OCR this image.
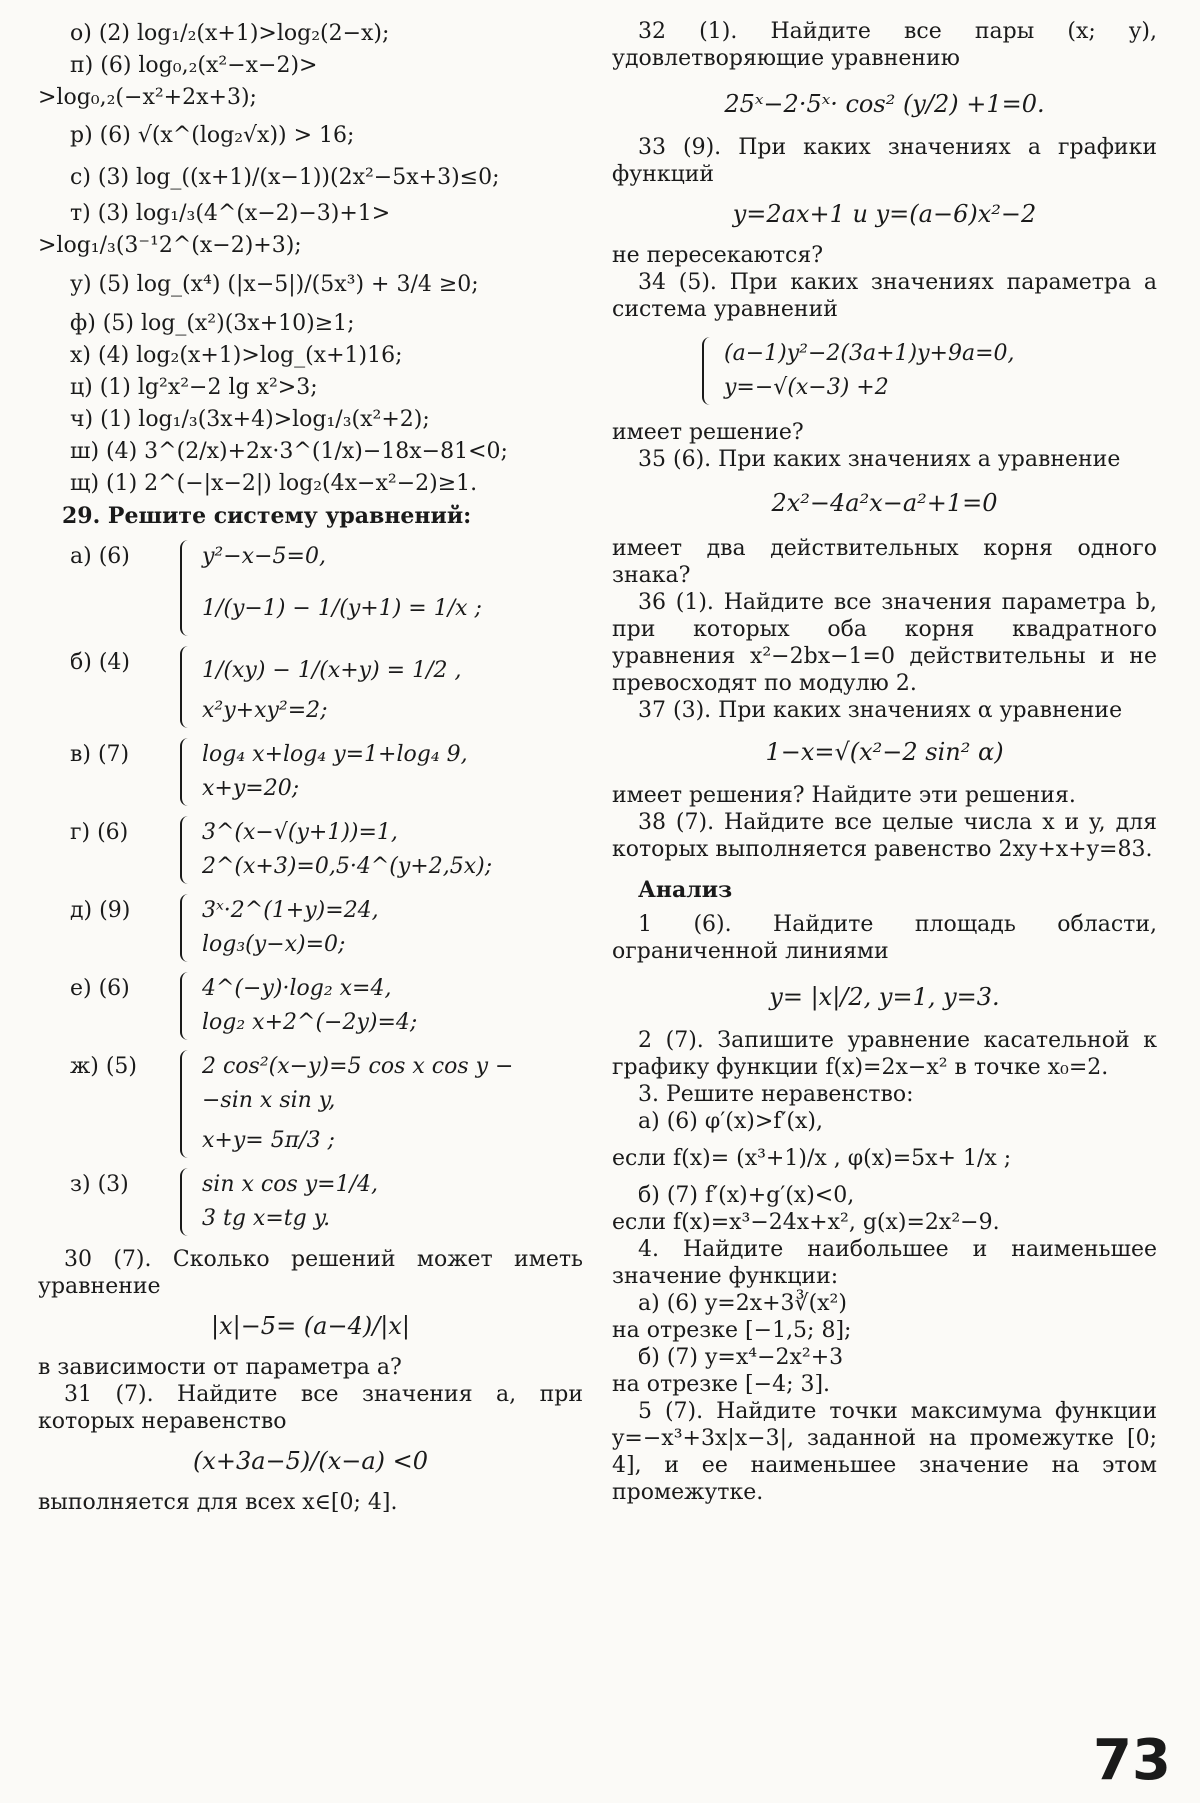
о) (2) log₁/₂(x+1)>log₂(2−x);
п) (6) log₀,₂(x²−x−2)>
>log₀,₂(−x²+2x+3);
р) (6) √(x^(log₂√x)) > 16;
с) (3) log_((x+1)/(x−1))(2x²−5x+3)≤0;
т) (3) log₁/₃(4^(x−2)−3)+1>
>log₁/₃(3⁻¹2^(x−2)+3);
у) (5) log_(x⁴) (|x−5|)/(5x³) + 3/4 ≥0;
ф) (5) log_(x²)(3x+10)≥1;
х) (4) log₂(x+1)>log_(x+1)16;
ц) (1) lg²x²−2 lg x²>3;
ч) (1) log₁/₃(3x+4)>log₁/₃(x²+2);
ш) (4) 3^(2/x)+2x·3^(1/x)−18x−81<0;
щ) (1) 2^(−|x−2|) log₂(4x−x²−2)≥1.
29. Решите систему уравнений:
а) (6)	y²−x−5=0,
1/(y−1) − 1/(y+1) = 1/x ;
б) (4)	1/(xy) − 1/(x+y) = 1/2 ,
x²y+xy²=2;
в) (7)	log₄ x+log₄ y=1+log₄ 9,
x+y=20;
г) (6)	3^(x−√(y+1))=1,
2^(x+3)=0,5·4^(y+2,5x);
д) (9)	3ˣ·2^(1+y)=24,
log₃(y−x)=0;
е) (6)	4^(−y)·log₂ x=4,
log₂ x+2^(−2y)=4;
ж) (5)	2 cos²(x−y)=5 cos x cos y −
−sin x sin y,
x+y= 5π/3 ;
з) (3)	sin x cos y=1/4,
3 tg x=tg y.

30 (7). Сколько решений может иметь уравнение

|x|−5= (a−4)/|x|

в зависимости от параметра a?

31 (7). Найдите все значения a, при которых неравенство

(x+3a−5)/(x−a) <0

выполняется для всех x∈[0; 4].

32 (1). Найдите все пары (x; y), удовлетворяющие уравнению

25ˣ−2·5ˣ· cos² (y/2) +1=0.

33 (9). При каких значениях a графики функций

y=2ax+1 и y=(a−6)x²−2

не пересекаются?

34 (5). При каких значениях параметра a система уравнений

(a−1)y²−2(3a+1)y+9a=0,
y=−√(x−3) +2

имеет решение?

35 (6). При каких значениях a уравнение

2x²−4a²x−a²+1=0

имеет два действительных корня одного знака?

36 (1). Найдите все значения параметра b, при которых оба корня квадратного уравнения x²−2bx−1=0 действительны и не превосходят по модулю 2.

37 (3). При каких значениях α уравнение

1−x=√(x²−2 sin² α)

имеет решения? Найдите эти решения.

38 (7). Найдите все целые числа x и y, для которых выполняется равенство 2xy+x+y=83.

Анализ

1 (6). Найдите площадь области, ограниченной линиями

y= |x|/2, y=1, y=3.

2 (7). Запишите уравнение касательной к графику функции f(x)=2x−x² в точке x₀=2.

3. Решите неравенство:

а) (6) φ′(x)>f′(x),

если f(x)= (x³+1)/x , φ(x)=5x+ 1/x ;

б) (7) f′(x)+g′(x)<0,

если f(x)=x³−24x+x², g(x)=2x²−9.

4. Найдите наибольшее и наименьшее значение функции:

а) (6) y=2x+3∛(x²)

на отрезке [−1,5; 8];

б) (7) y=x⁴−2x²+3

на отрезке [−4; 3].

5 (7). Найдите точки максимума функции y=−x³+3x|x−3|, заданной на промежутке [0; 4], и ее наименьшее значение на этом промежутке.

73
